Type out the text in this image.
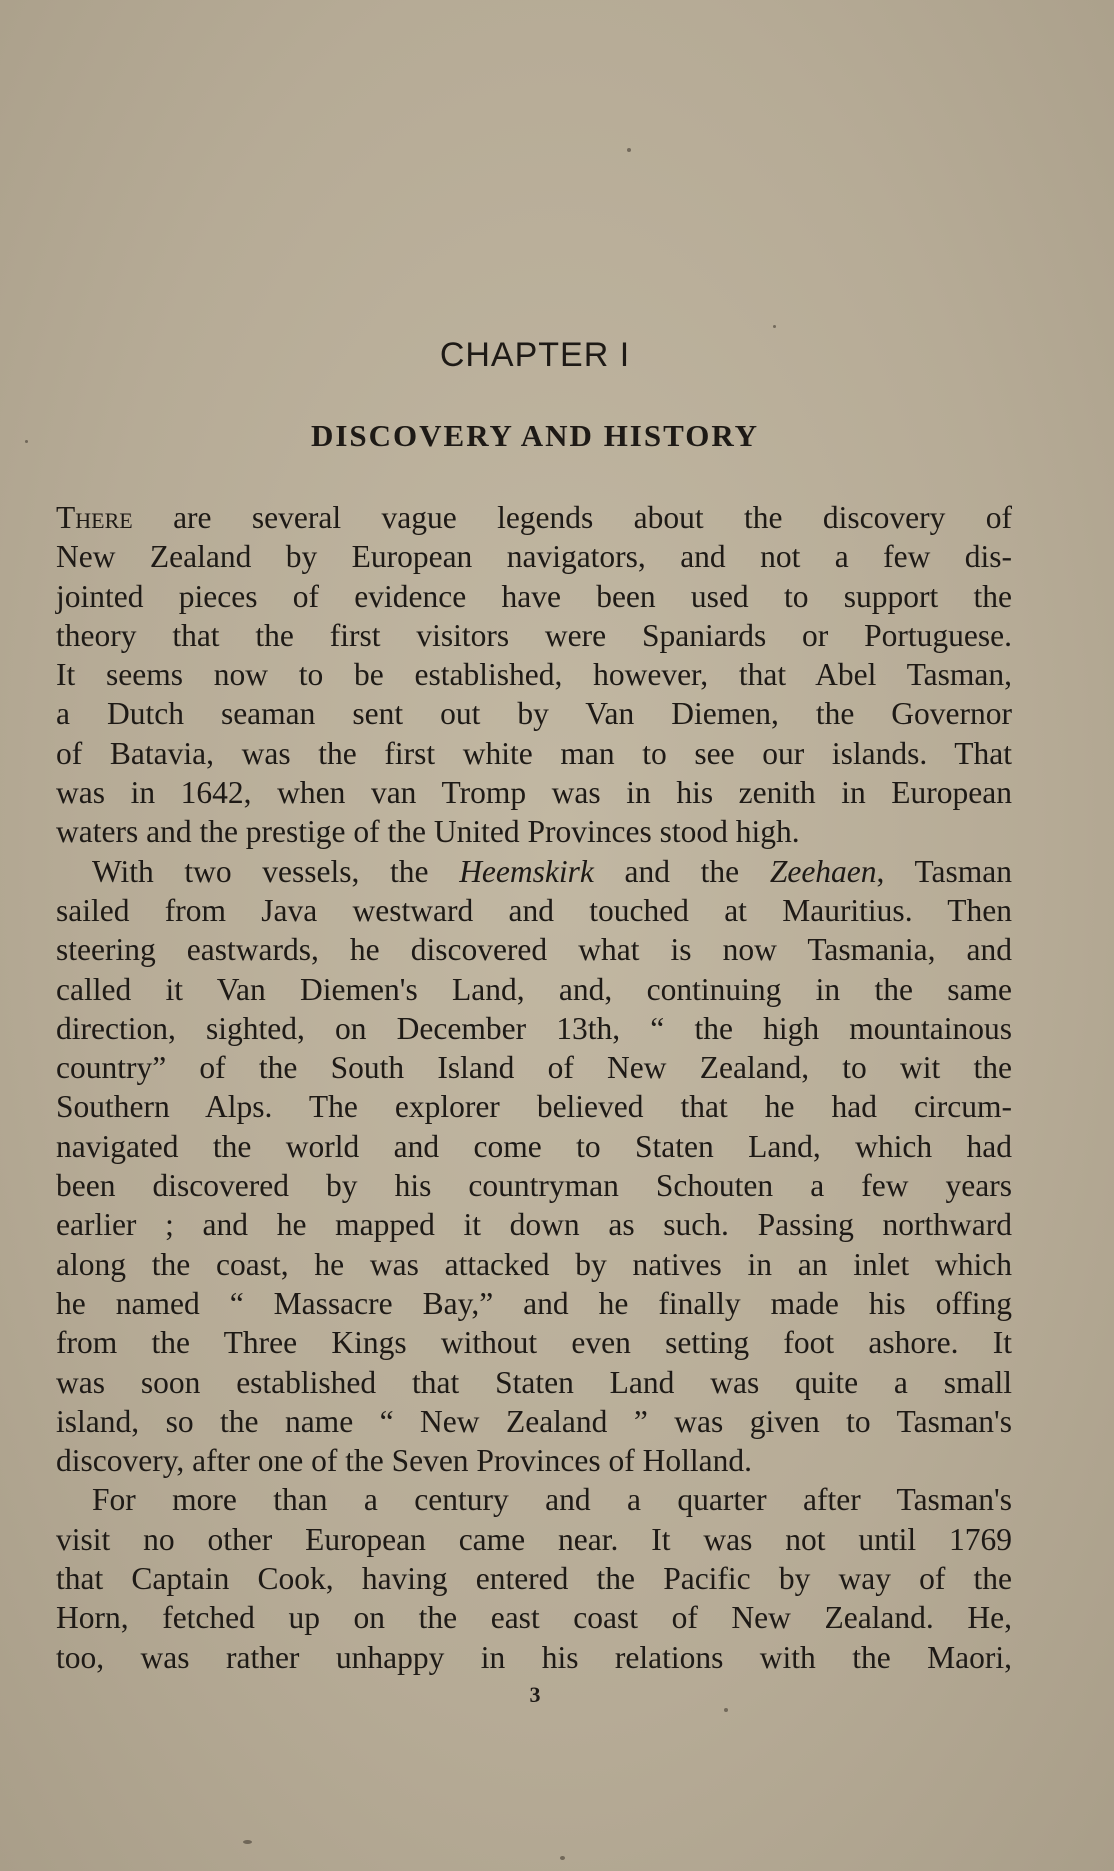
CHAPTER I
DISCOVERY AND HISTORY
There are several vague legends about the discovery of
New Zealand by European navigators, and not a few dis-
jointed pieces of evidence have been used to support the
theory that the first visitors were Spaniards or Portuguese.
It seems now to be established, however, that Abel Tasman,
a Dutch seaman sent out by Van Diemen, the Governor
of Batavia, was the first white man to see our islands. That
was in 1642, when van Tromp was in his zenith in European
waters and the prestige of the United Provinces stood high.
With two vessels, the Heemskirk and the Zeehaen, Tasman
sailed from Java westward and touched at Mauritius. Then
steering eastwards, he discovered what is now Tasmania, and
called it Van Diemen's Land, and, continuing in the same
direction, sighted, on December 13th, “ the high mountainous
country” of the South Island of New Zealand, to wit the
Southern Alps. The explorer believed that he had circum-
navigated the world and come to Staten Land, which had
been discovered by his countryman Schouten a few years
earlier ; and he mapped it down as such. Passing northward
along the coast, he was attacked by natives in an inlet which
he named “ Massacre Bay,” and he finally made his offing
from the Three Kings without even setting foot ashore. It
was soon established that Staten Land was quite a small
island, so the name “ New Zealand ” was given to Tasman's
discovery, after one of the Seven Provinces of Holland.
For more than a century and a quarter after Tasman's
visit no other European came near. It was not until 1769
that Captain Cook, having entered the Pacific by way of the
Horn, fetched up on the east coast of New Zealand. He,
too, was rather unhappy in his relations with the Maori,

3
